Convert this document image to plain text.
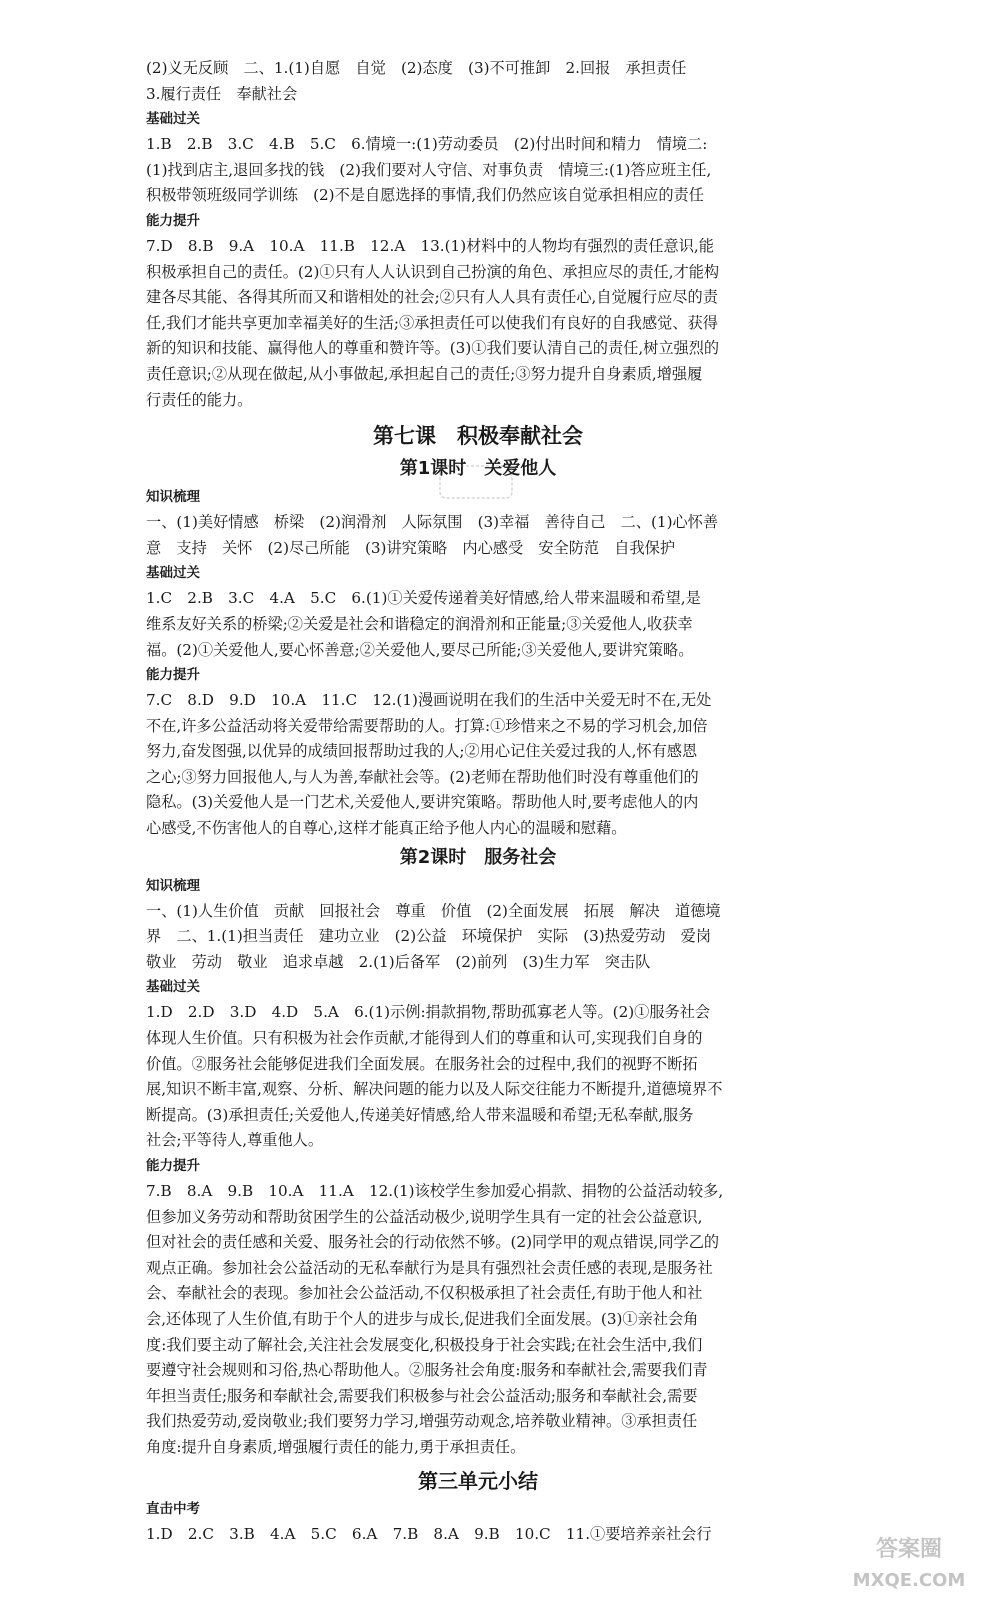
(2)义无反顾　二、1.(1)自愿　自觉　(2)态度　(3)不可推卸　2.回报　承担责任
3.履行责任　奉献社会
基础过关
1.B　2.B　3.C　4.B　5.C　6.情境一:(1)劳动委员　(2)付出时间和精力　情境二:
(1)找到店主,退回多找的钱　(2)我们要对人守信、对事负责　情境三:(1)答应班主任,
积极带领班级同学训练　(2)不是自愿选择的事情,我们仍然应该自觉承担相应的责任
能力提升
7.D　8.B　9.A　10.A　11.B　12.A　13.(1)材料中的人物均有强烈的责任意识,能
积极承担自己的责任。(2)①只有人人认识到自己扮演的角色、承担应尽的责任,才能构
建各尽其能、各得其所而又和谐相处的社会;②只有人人具有责任心,自觉履行应尽的责
任,我们才能共享更加幸福美好的生活;③承担责任可以使我们有良好的自我感觉、获得
新的知识和技能、赢得他人的尊重和赞许等。(3)①我们要认清自己的责任,树立强烈的
责任意识;②从现在做起,从小事做起,承担起自己的责任;③努力提升自身素质,增强履
行责任的能力。
第七课　积极奉献社会
第1课时　关爱他人
知识梳理
一、(1)美好情感　桥梁　(2)润滑剂　人际氛围　(3)幸福　善待自己　二、(1)心怀善
意　支持　关怀　(2)尽己所能　(3)讲究策略　内心感受　安全防范　自我保护
基础过关
1.C　2.B　3.C　4.A　5.C　6.(1)①关爱传递着美好情感,给人带来温暖和希望,是
维系友好关系的桥梁;②关爱是社会和谐稳定的润滑剂和正能量;③关爱他人,收获幸
福。(2)①关爱他人,要心怀善意;②关爱他人,要尽己所能;③关爱他人,要讲究策略。
能力提升
7.C　8.D　9.D　10.A　11.C　12.(1)漫画说明在我们的生活中关爱无时不在,无处
不在,许多公益活动将关爱带给需要帮助的人。打算:①珍惜来之不易的学习机会,加倍
努力,奋发图强,以优异的成绩回报帮助过我的人;②用心记住关爱过我的人,怀有感恩
之心;③努力回报他人,与人为善,奉献社会等。(2)老师在帮助他们时没有尊重他们的
隐私。(3)关爱他人是一门艺术,关爱他人,要讲究策略。帮助他人时,要考虑他人的内
心感受,不伤害他人的自尊心,这样才能真正给予他人内心的温暖和慰藉。
第2课时　服务社会
知识梳理
一、(1)人生价值　贡献　回报社会　尊重　价值　(2)全面发展　拓展　解决　道德境
界　二、1.(1)担当责任　建功立业　(2)公益　环境保护　实际　(3)热爱劳动　爱岗
敬业　劳动　敬业　追求卓越　2.(1)后备军　(2)前列　(3)生力军　突击队
基础过关
1.D　2.D　3.D　4.D　5.A　6.(1)示例:捐款捐物,帮助孤寡老人等。(2)①服务社会
体现人生价值。只有积极为社会作贡献,才能得到人们的尊重和认可,实现我们自身的
价值。②服务社会能够促进我们全面发展。在服务社会的过程中,我们的视野不断拓
展,知识不断丰富,观察、分析、解决问题的能力以及人际交往能力不断提升,道德境界不
断提高。(3)承担责任;关爱他人,传递美好情感,给人带来温暖和希望;无私奉献,服务
社会;平等待人,尊重他人。
能力提升
7.B　8.A　9.B　10.A　11.A　12.(1)该校学生参加爱心捐款、捐物的公益活动较多,
但参加义务劳动和帮助贫困学生的公益活动极少,说明学生具有一定的社会公益意识,
但对社会的责任感和关爱、服务社会的行动依然不够。(2)同学甲的观点错误,同学乙的
观点正确。参加社会公益活动的无私奉献行为是具有强烈社会责任感的表现,是服务社
会、奉献社会的表现。参加社会公益活动,不仅积极承担了社会责任,有助于他人和社
会,还体现了人生价值,有助于个人的进步与成长,促进我们全面发展。(3)①亲社会角
度:我们要主动了解社会,关注社会发展变化,积极投身于社会实践;在社会生活中,我们
要遵守社会规则和习俗,热心帮助他人。②服务社会角度:服务和奉献社会,需要我们青
年担当责任;服务和奉献社会,需要我们积极参与社会公益活动;服务和奉献社会,需要
我们热爱劳动,爱岗敬业;我们要努力学习,增强劳动观念,培养敬业精神。③承担责任
角度:提升自身素质,增强履行责任的能力,勇于承担责任。
第三单元小结
直击中考
1.D　2.C　3.B　4.A　5.C　6.A　7.B　8.A　9.B　10.C　11.①要培养亲社会行
答案圈
MXQE.COM
